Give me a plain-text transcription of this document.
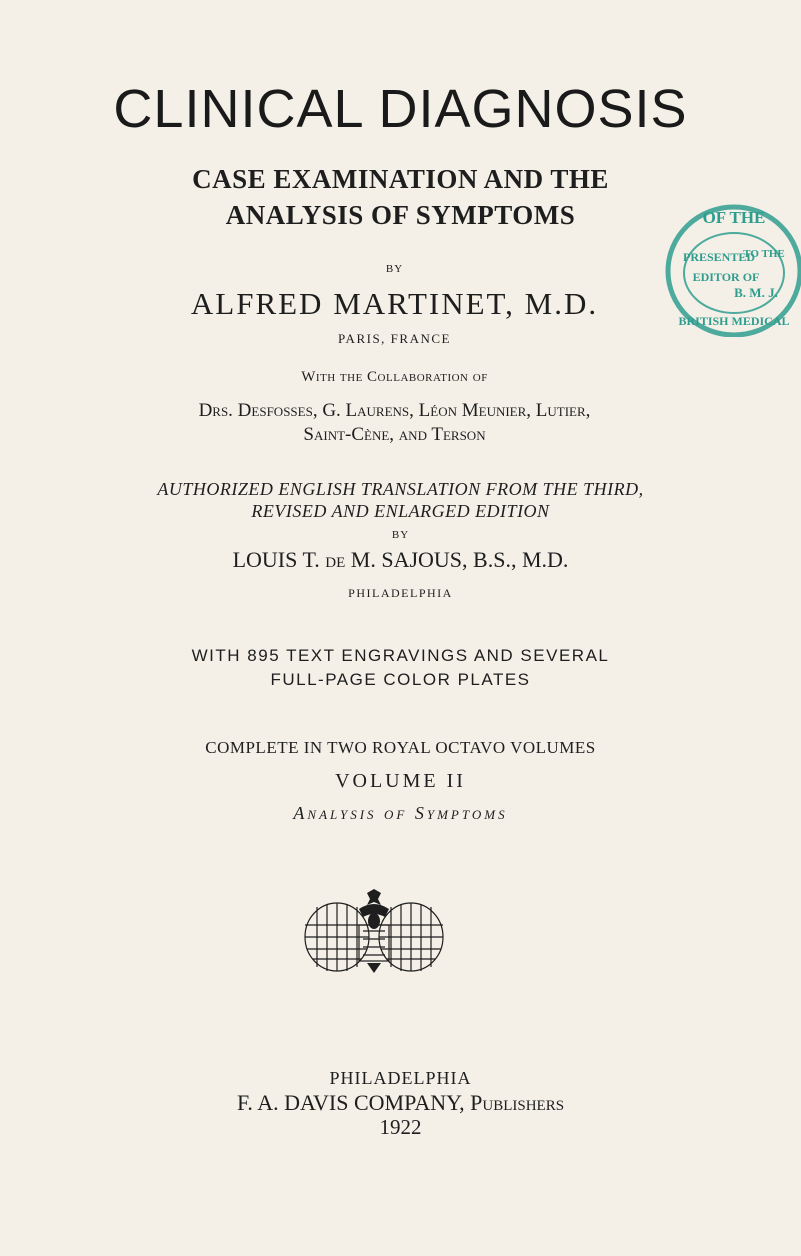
CLINICAL DIAGNOSIS
CASE EXAMINATION AND THE
ANALYSIS OF SYMPTOMS
BY
ALFRED MARTINET, M.D.
PARIS, FRANCE
With the Collaboration of
Drs. Desfosses, G. Laurens, Léon Meunier, Lutier,
Saint-Cène, and Terson
AUTHORIZED ENGLISH TRANSLATION FROM THE THIRD,
REVISED AND ENLARGED EDITION
BY
LOUIS T. DE M. SAJOUS, B.S., M.D.
PHILADELPHIA
WITH 895 TEXT ENGRAVINGS AND SEVERAL
FULL-PAGE COLOR PLATES
COMPLETE IN TWO ROYAL OCTAVO VOLUMES
VOLUME II
Analysis of Symptoms
PHILADELPHIA
F. A. DAVIS COMPANY, Publishers
1922
OF THE
PRESENTED
TO THE
EDITOR OF
B. M. J.
BRITISH MEDICAL
